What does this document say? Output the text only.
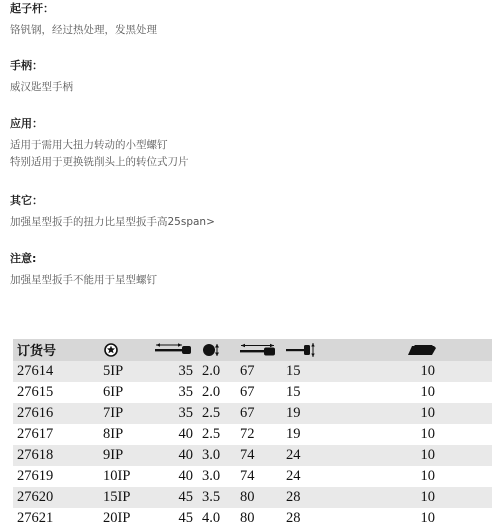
起子杆：
铬钒钢，经过热处理，发黑处理
手柄：
威汉匙型手柄
应用：
适用于需用大扭力转动的小型螺钉
特别适用于更换铣削头上的转位式刀片
其它：
加强星型扳手的扭力比星型扳手高25span>
注意:
加强星型扳手不能用于星型螺钉
订货号						
27614	5IP	35	2.0	67	15	10
27615	6IP	35	2.0	67	15	10
27616	7IP	35	2.5	67	19	10
27617	8IP	40	2.5	72	19	10
27618	9IP	40	3.0	74	24	10
27619	10IP	40	3.0	74	24	10
27620	15IP	45	3.5	80	28	10
27621	20IP	45	4.0	80	28	10
